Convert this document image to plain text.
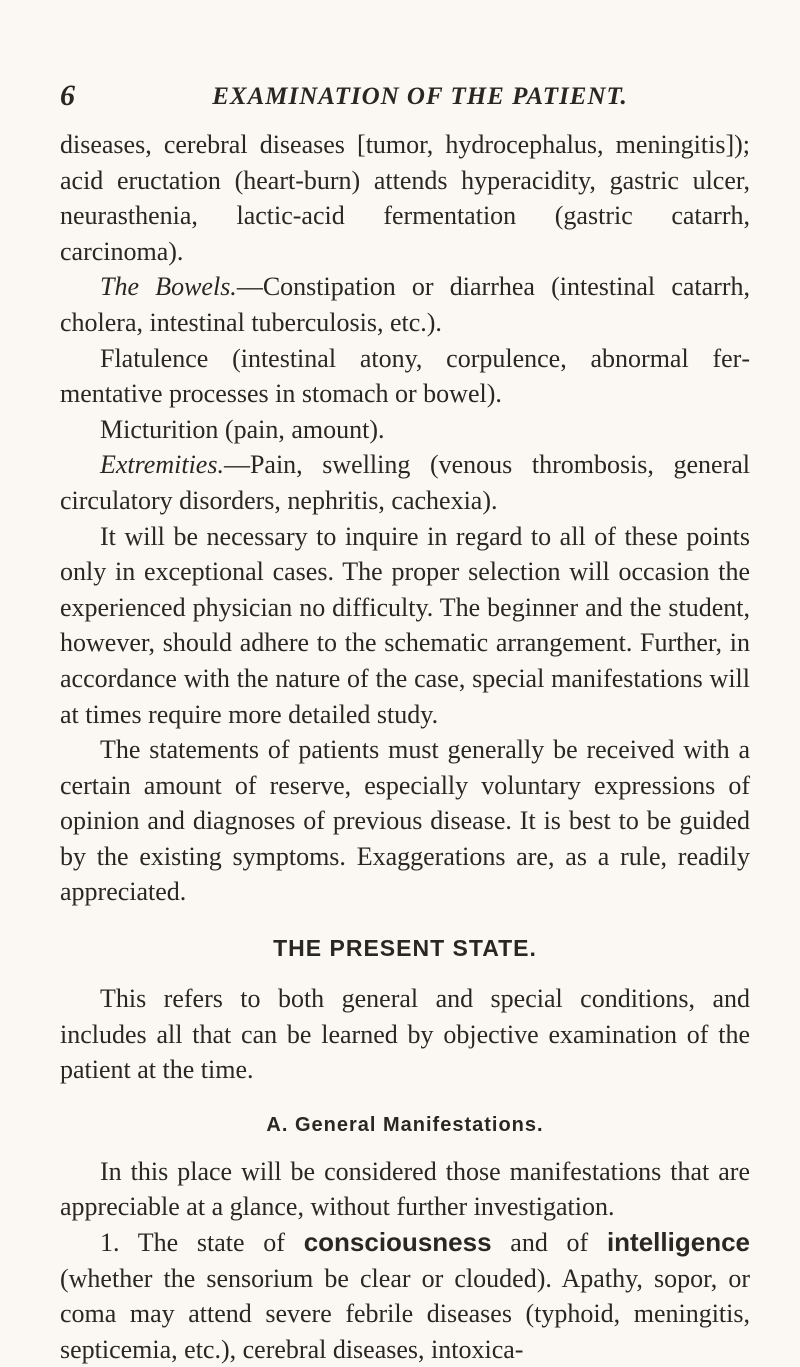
6	EXAMINATION OF THE PATIENT.

diseases, cerebral diseases [tumor, hydrocephalus, meningitis]); acid eructation (heart-burn) attends hyperacidity, gastric ulcer, neurasthenia, lactic-acid fermentation (gastric catarrh, carcinoma).

The Bowels.—Constipation or diarrhea (intestinal catarrh, cholera, intestinal tuberculosis, etc.).

Flatulence (intestinal atony, corpulence, abnormal fermentative processes in stomach or bowel).

Micturition (pain, amount).

Extremities.—Pain, swelling (venous thrombosis, general circulatory disorders, nephritis, cachexia).

It will be necessary to inquire in regard to all of these points only in exceptional cases. The proper selection will occasion the experienced physician no difficulty. The beginner and the student, however, should adhere to the schematic arrangement. Further, in accordance with the nature of the case, special manifestations will at times require more detailed study.

The statements of patients must generally be received with a certain amount of reserve, especially voluntary expressions of opinion and diagnoses of previous disease. It is best to be guided by the existing symptoms. Exaggerations are, as a rule, readily appreciated.

THE PRESENT STATE.

This refers to both general and special conditions, and includes all that can be learned by objective examination of the patient at the time.

A. General Manifestations.

In this place will be considered those manifestations that are appreciable at a glance, without further investigation.

1. The state of consciousness and of intelligence (whether the sensorium be clear or clouded). Apathy, sopor, or coma may attend severe febrile diseases (typhoid, meningitis, septicemia, etc.), cerebral diseases, intoxica-
